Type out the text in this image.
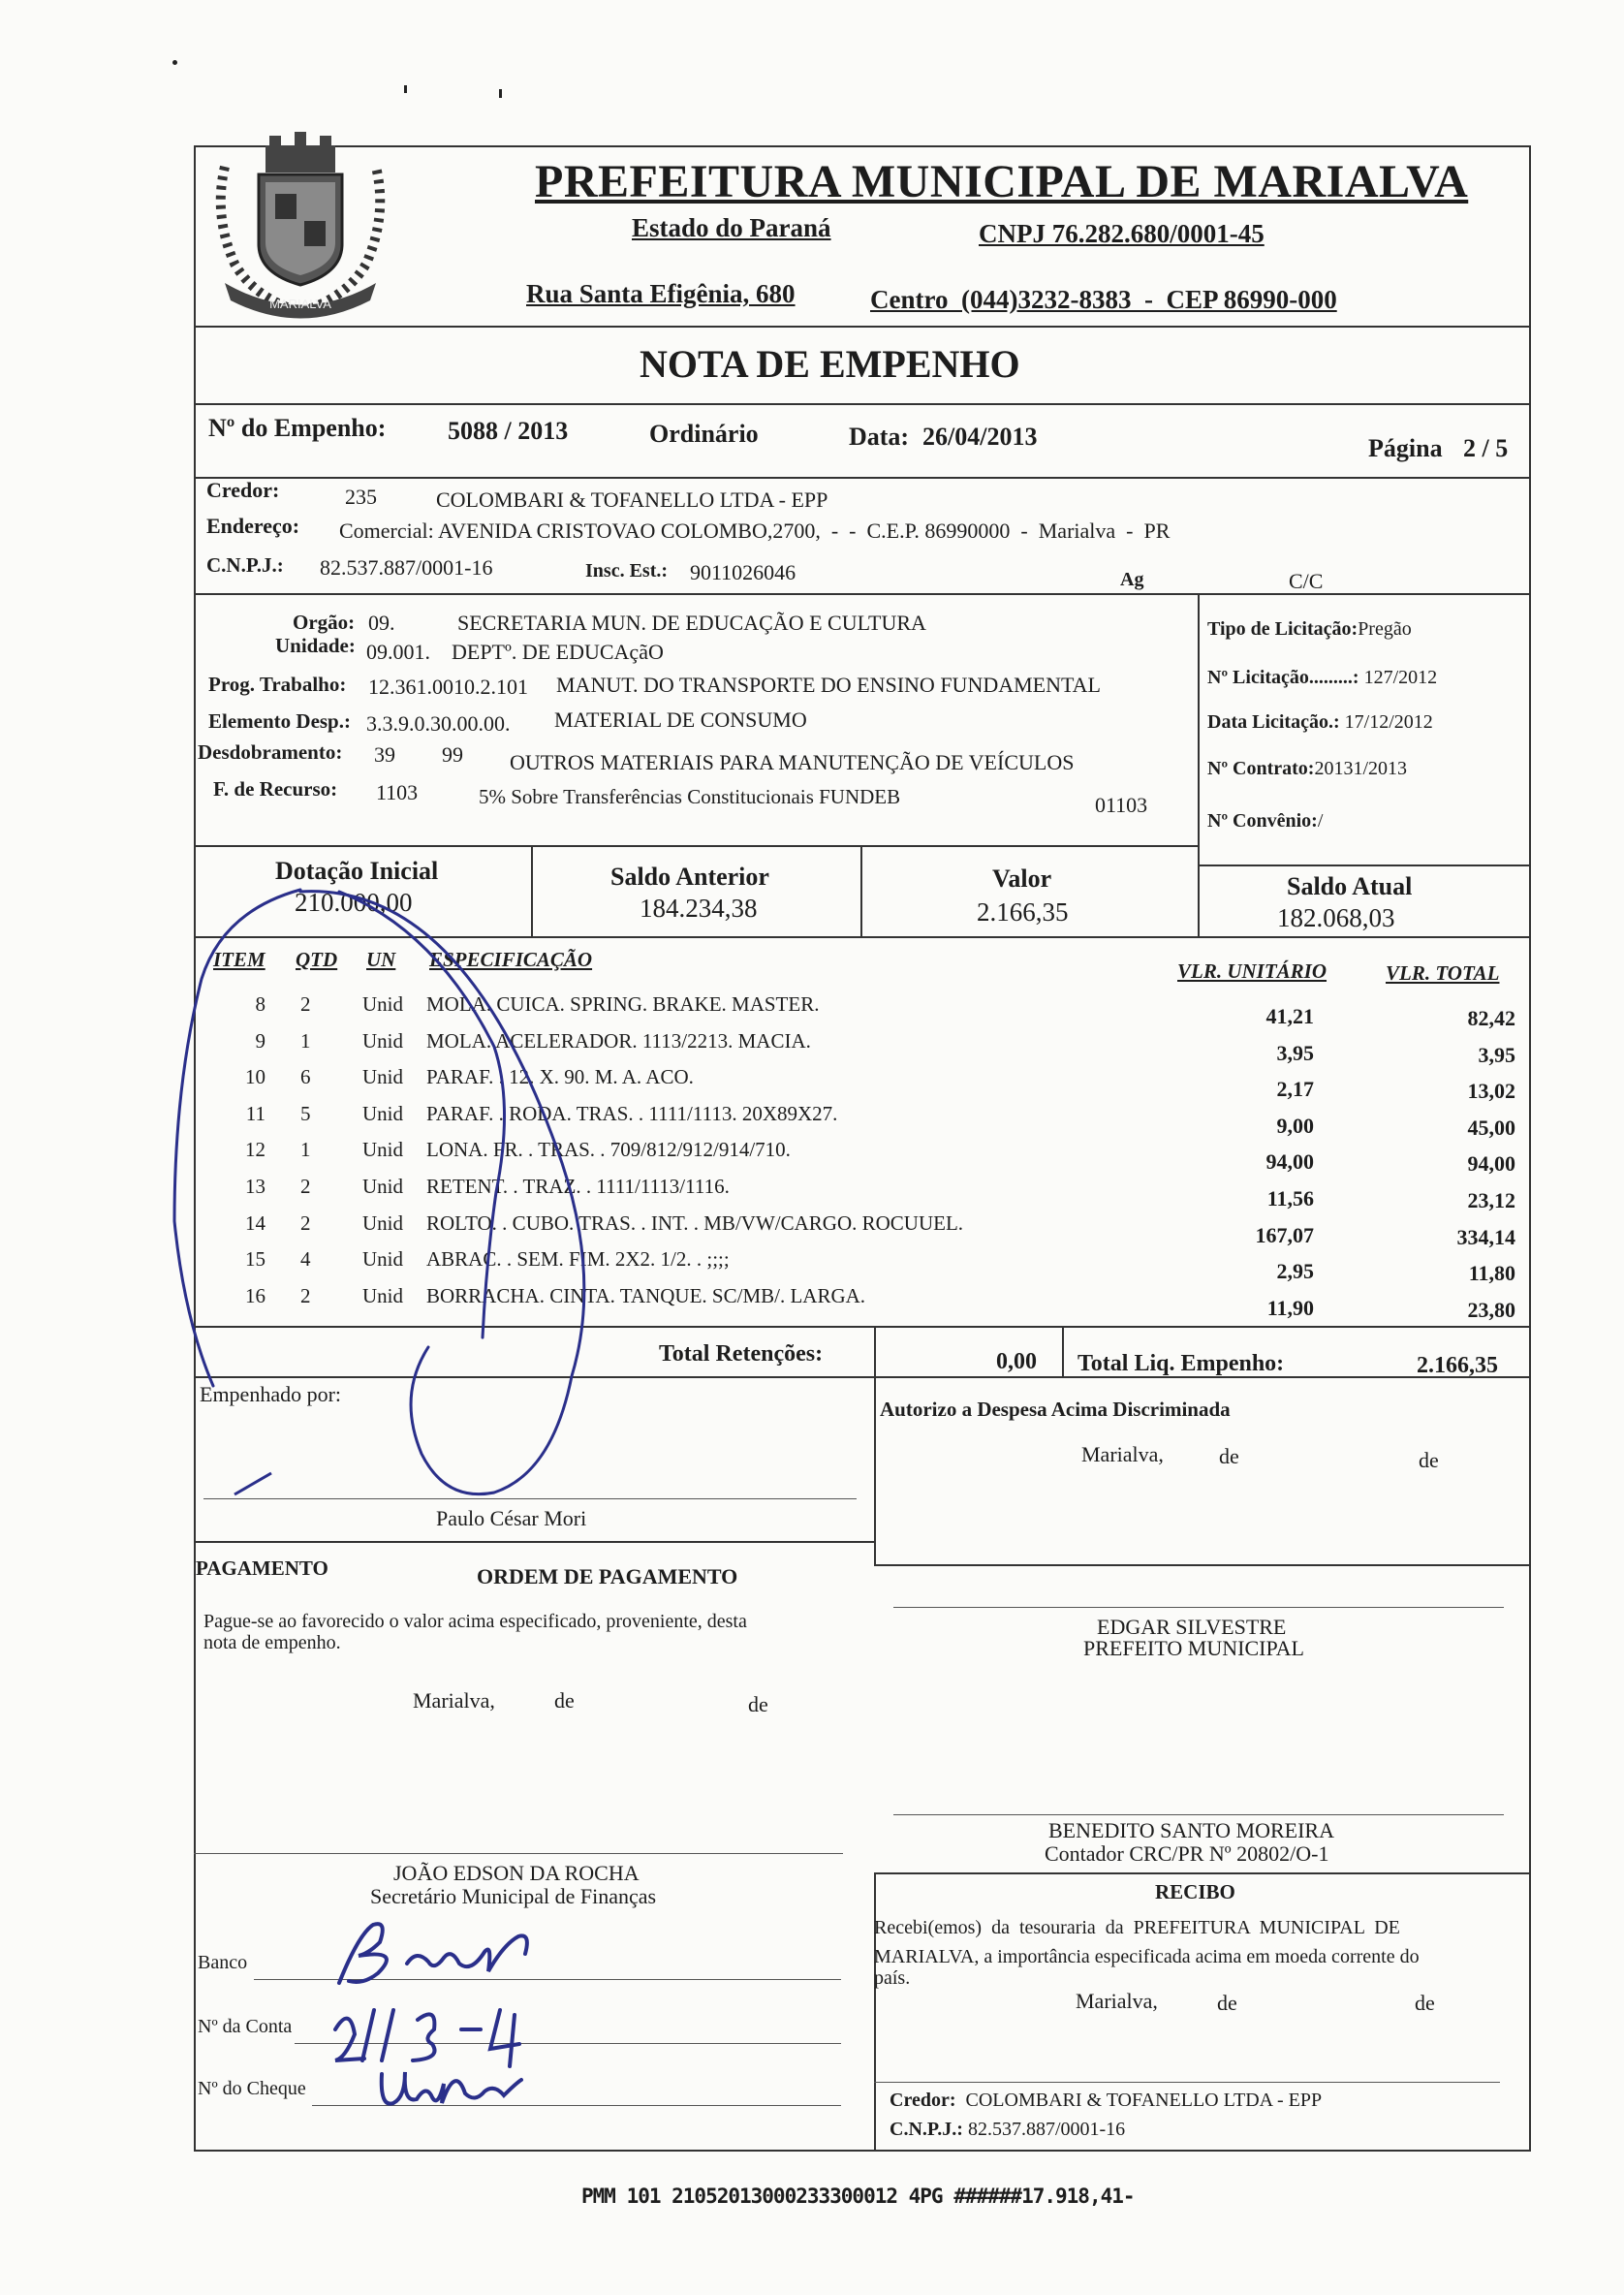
MARIALVA
PREFEITURA MUNICIPAL DE MARIALVA
Estado do Paraná	CNPJ 76.282.680/0001-45
Rua Santa Efigênia, 680	Centro  (044)3232-8383  -  CEP 86990-000
NOTA DE EMPENHO
Nº do Empenho: 5088 / 2013	Ordinário	Data: 26/04/2013	Página 2 / 5
Credor:	235	COLOMBARI & TOFANELLO LTDA - EPP
Endereço: Comercial: AVENIDA CRISTOVAO COLOMBO,2700,  -  -  C.E.P. 86990000  -  Marialva  -  PR
C.N.P.J.: 82.537.887/0001-16	Insc. Est.: 9011026046	Ag	C/C
Orgão: 09.	SECRETARIA MUN. DE EDUCAÇÃO E CULTURA
Unidade: 09.001. DEPTº. DE EDUCAçãO
Prog. Trabalho: 12.361.0010.2.101 MANUT. DO TRANSPORTE DO ENSINO FUNDAMENTAL
Elemento Desp.: 3.3.9.0.30.00.00. MATERIAL DE CONSUMO
Desdobramento: 39 99 OUTROS MATERIAIS PARA MANUTENÇÃO DE VEÍCULOS
F. de Recurso: 1103	5% Sobre Transferências Constitucionais FUNDEB	01103
Tipo de Licitação:Pregão
Nº Licitação.........: 127/2012
Data Licitação.: 17/12/2012
Nº Contrato:20131/2013
Nº Convênio:/
Dotação Inicial
210.000,00
Saldo Anterior
184.234,38
Valor
2.166,35
Saldo Atual
182.068,03
ITEM QTD UN ESPECIFICAÇÃO	VLR. UNITÁRIO	VLR. TOTAL
8 2	Unid	MOLA. CUICA. SPRING. BRAKE. MASTER.	41,21	82,42
9 1	Unid	MOLA. ACELERADOR. 1113/2213. MACIA.	3,95	3,95
10 6	Unid	PARAF. . 12. X. 90. M. A. ACO.	2,17	13,02
11 5	Unid	PARAF. . RODA. TRAS. . 1111/1113. 20X89X27.	9,00	45,00
12 1	Unid	LONA. FR. . TRAS. . 709/812/912/914/710.	94,00	94,00
13 2	Unid	RETENT. . TRAZ. . 1111/1113/1116.	11,56	23,12
14 2	Unid	ROLTO. . CUBO. TRAS. . INT. . MB/VW/CARGO. ROCUUEL.	167,07	334,14
15 4	Unid	ABRAC. . SEM. FIM. 2X2. 1/2. . ;;;;	2,95	11,80
16 2	Unid	BORRACHA. CINTA. TANQUE. SC/MB/. LARGA.	11,90	23,80
Total Retenções:	0,00 Total Liq. Empenho:	2.166,35
Empenhado por:
Paulo César Mori
Autorizo a Despesa Acima Discriminada
Marialva,	de	de
PAGAMENTO	ORDEM DE PAGAMENTO
Pague-se ao favorecido o valor acima especificado, proveniente, desta
nota de empenho.
Marialva,	de	de
EDGAR SILVESTRE
PREFEITO MUNICIPAL
BENEDITO SANTO MOREIRA
Contador CRC/PR Nº 20802/O-1
JOÃO EDSON DA ROCHA
Secretário Municipal de Finanças	RECIBO
Recebi(emos)  da  tesouraria  da  PREFEITURA  MUNICIPAL  DE
MARIALVA, a importância especificada acima em moeda corrente do
país.
Marialva,	de	de
Credor: COLOMBARI & TOFANELLO LTDA - EPP
C.N.P.J.: 82.537.887/0001-16
Banco
Nº da Conta
Nº do Cheque
PMM 101 21052013000233300012 4PG ######17.918,41-
